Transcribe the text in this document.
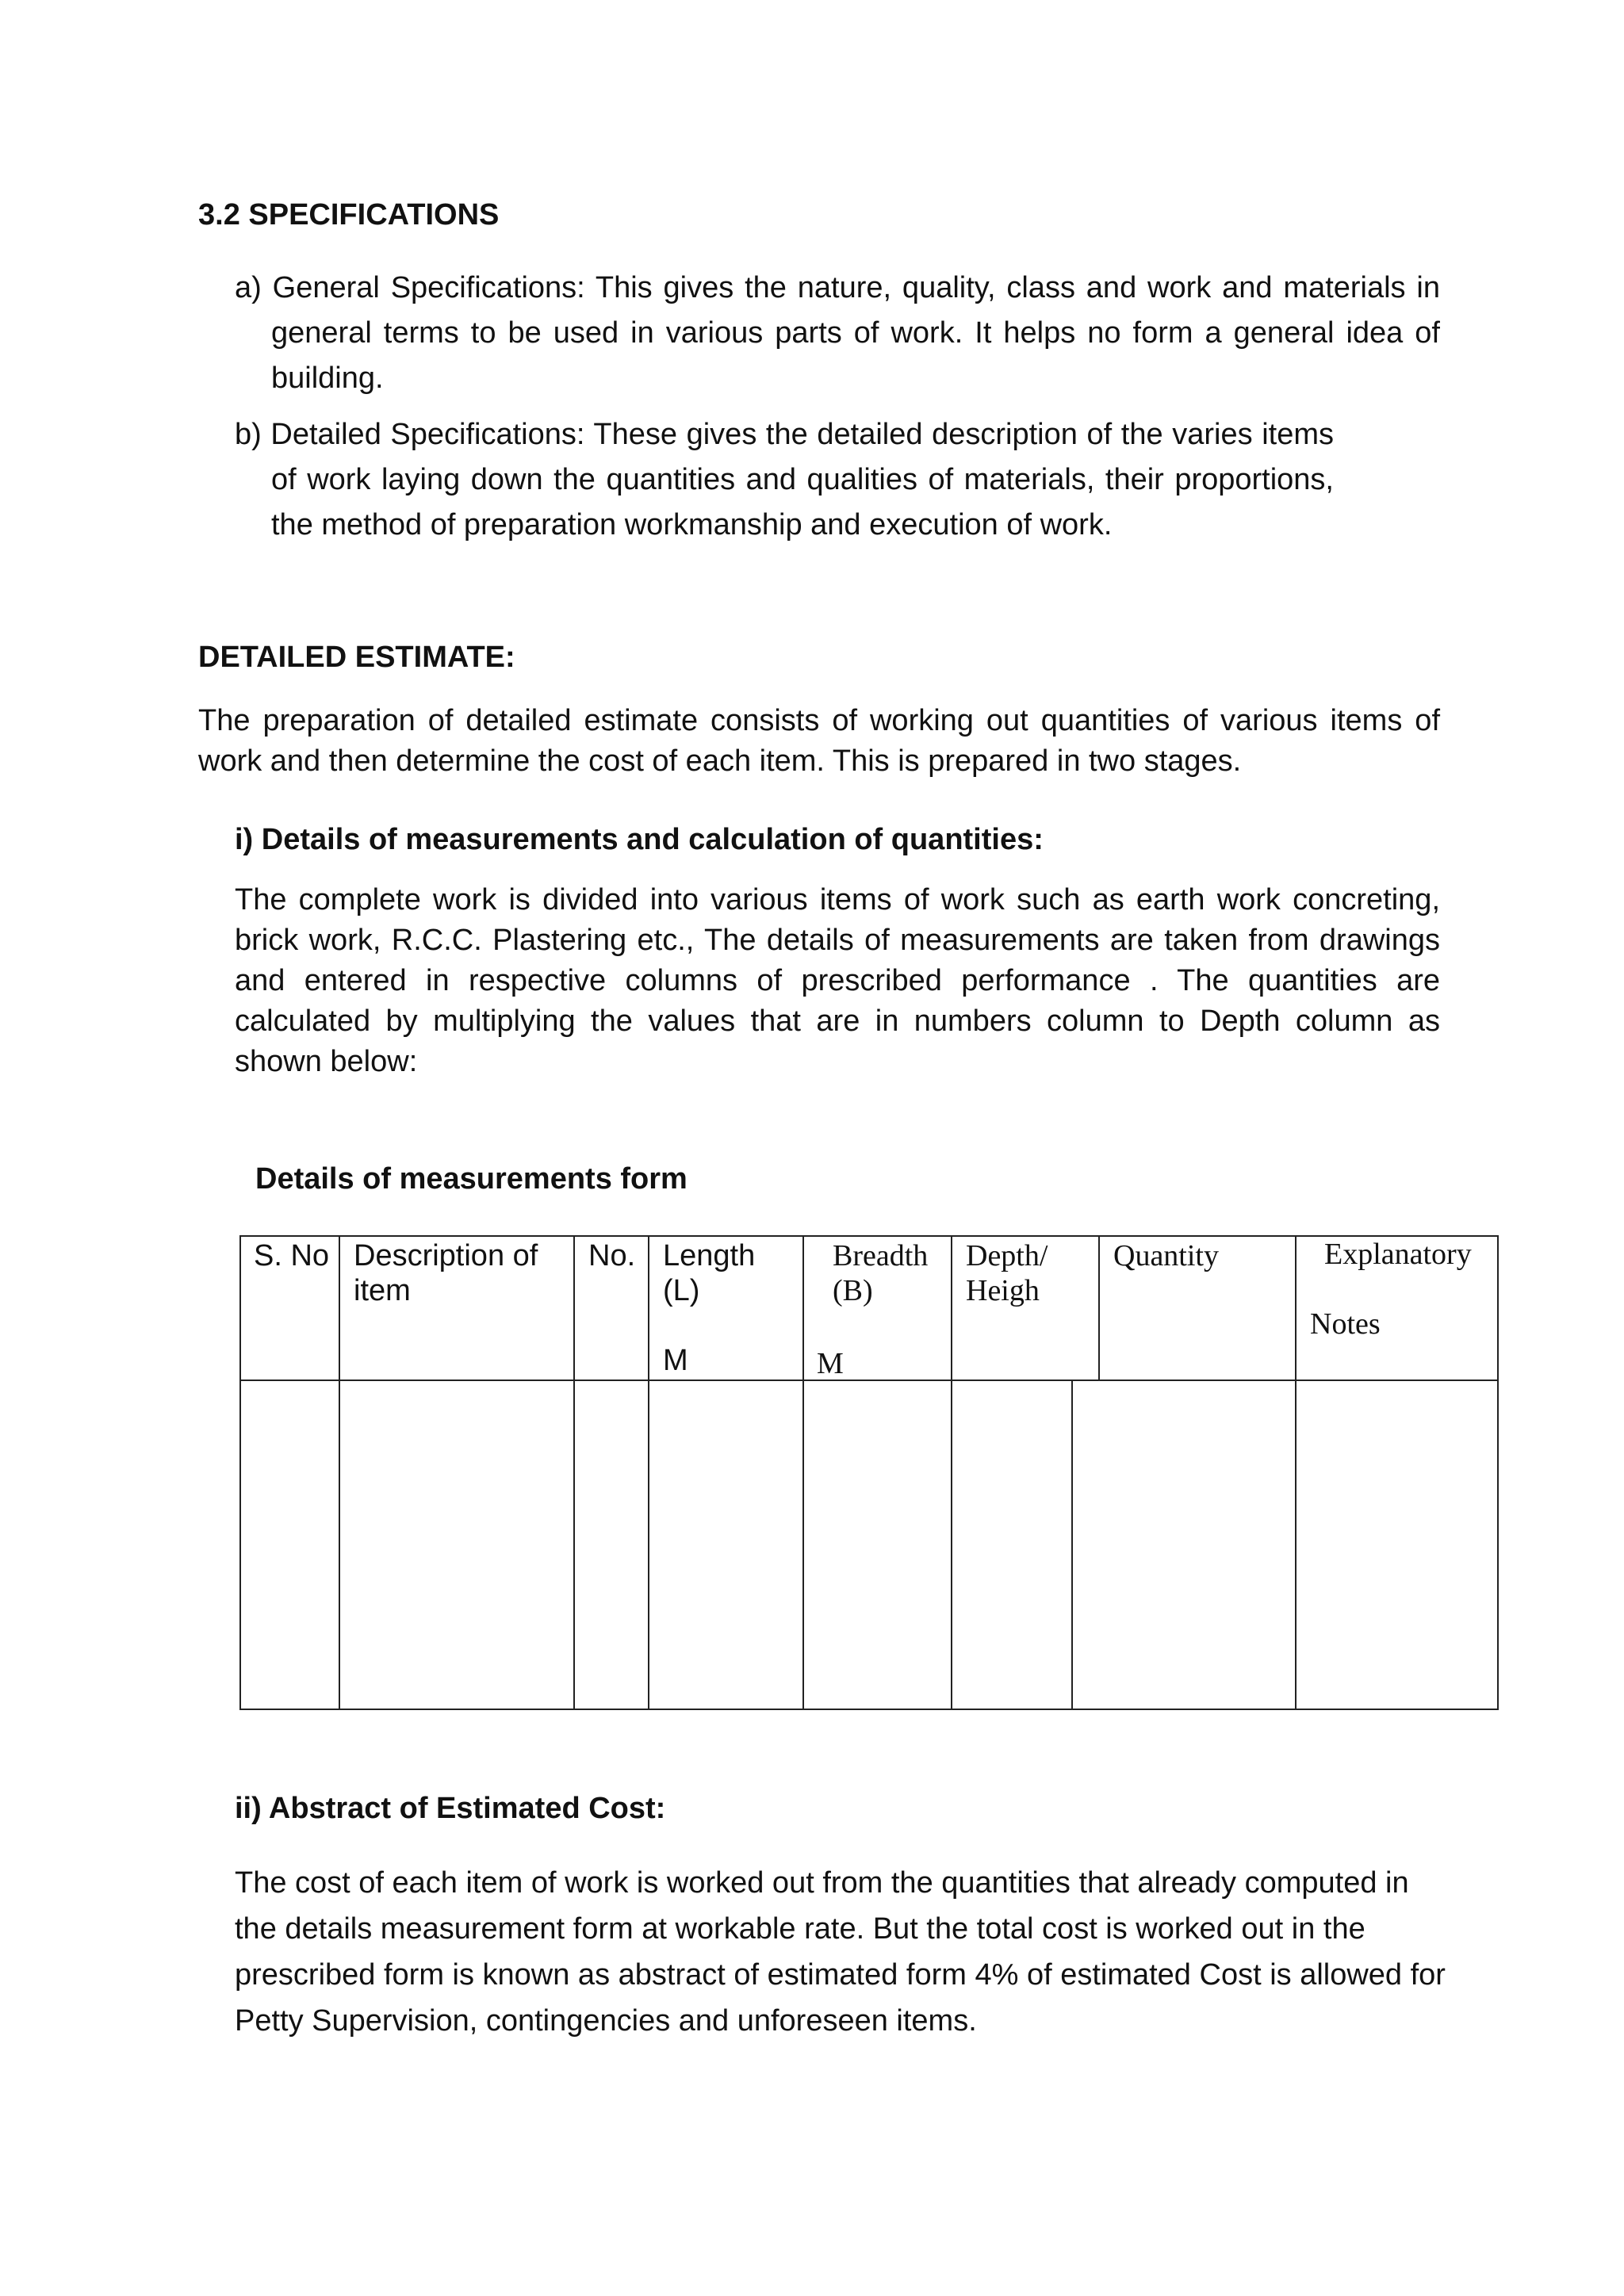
3.2 SPECIFICATIONS
a) General Specifications: This gives the nature, quality, class and work and materials in general terms to be used in various parts of work. It helps no form a general idea of building.
b) Detailed Specifications: These gives the detailed description of the varies items of work laying down the quantities and qualities of materials, their proportions, the method of preparation workmanship and execution of work.
DETAILED ESTIMATE:
The preparation of detailed estimate consists of working out quantities of various items of work and then determine the cost of each item. This is prepared in two stages.
i) Details of measurements and calculation of quantities:
The complete work is divided into various items of work such as earth work concreting, brick work, R.C.C. Plastering etc., The details of measurements are taken from drawings and entered in respective columns of prescribed performance . The quantities are calculated by multiplying the values that are in numbers column to Depth column as shown below:
Details of measurements form
S. No Description of
item
No. Length
(L)
M
Breadth
(B)
M
Depth/
Heigh
Quantity	Explanatory
Notes
ii) Abstract of Estimated Cost:
The cost of each item of work is worked out from the quantities that already computed in the details measurement form at workable rate. But the total cost is worked out in the prescribed form is known as abstract of estimated form 4% of estimated Cost is allowed for Petty Supervision, contingencies and unforeseen items.
